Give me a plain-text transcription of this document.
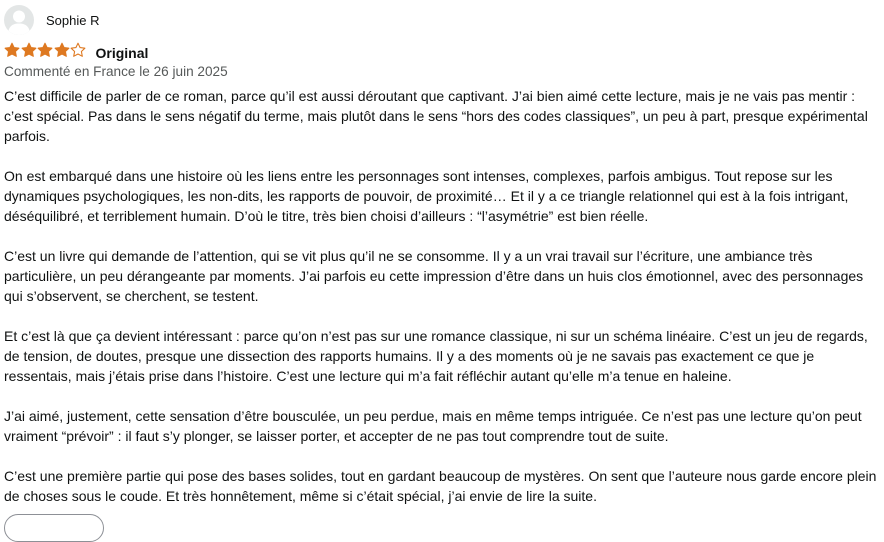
Sophie R
Original
Commenté en France le 26 juin 2025

C’est difficile de parler de ce roman, parce qu’il est aussi déroutant que captivant. J’ai bien aimé cette lecture, mais je ne vais pas mentir : c’est spécial. Pas dans le sens négatif du terme, mais plutôt dans le sens “hors des codes classiques”, un peu à part, presque expérimental parfois.

On est embarqué dans une histoire où les liens entre les personnages sont intenses, complexes, parfois ambigus. Tout repose sur les dynamiques psychologiques, les non-dits, les rapports de pouvoir, de proximité… Et il y a ce triangle relationnel qui est à la fois intrigant, déséquilibré, et terriblement humain. D’où le titre, très bien choisi d’ailleurs : “l’asymétrie” est bien réelle.

C’est un livre qui demande de l’attention, qui se vit plus qu’il ne se consomme. Il y a un vrai travail sur l’écriture, une ambiance très particulière, un peu dérangeante par moments. J’ai parfois eu cette impression d’être dans un huis clos émotionnel, avec des personnages qui s’observent, se cherchent, se testent.

Et c’est là que ça devient intéressant : parce qu’on n’est pas sur une romance classique, ni sur un schéma linéaire. C’est un jeu de regards, de tension, de doutes, presque une dissection des rapports humains. Il y a des moments où je ne savais pas exactement ce que je ressentais, mais j’étais prise dans l’histoire. C’est une lecture qui m’a fait réfléchir autant qu’elle m’a tenue en haleine.

J’ai aimé, justement, cette sensation d’être bousculée, un peu perdue, mais en même temps intriguée. Ce n’est pas une lecture qu’on peut vraiment “prévoir” : il faut s’y plonger, se laisser porter, et accepter de ne pas tout comprendre tout de suite.

C’est une première partie qui pose des bases solides, tout en gardant beaucoup de mystères. On sent que l’auteure nous garde encore plein de choses sous le coude. Et très honnêtement, même si c’était spécial, j’ai envie de lire la suite.
